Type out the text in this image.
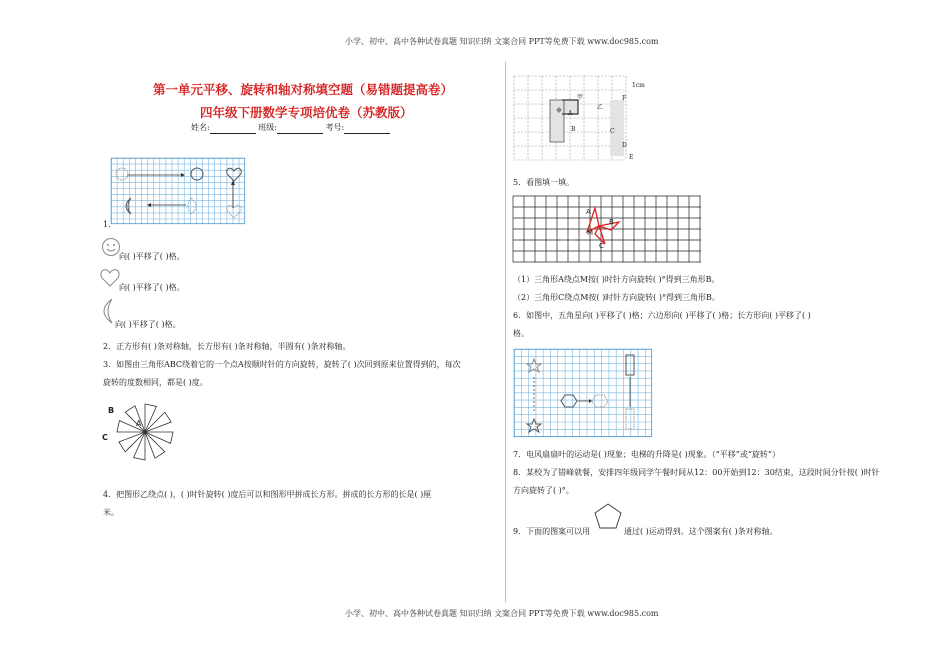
小学、初中、高中各种试卷真题 知识归纳 文案合同 PPT等免费下载 www.doc985.com
小学、初中、高中各种试卷真题 知识归纳 文案合同 PPT等免费下载 www.doc985.com
第一单元平移、旋转和轴对称填空题（易错题提高卷）
四年级下册数学专项培优卷（苏教版）
姓名:	班级:	考号:
1．
向( )平移了( )格。
向( )平移了( )格。
向( )平移了( )格。
2．正方形有( )条对称轴，长方形有( )条对称轴，半圆有( )条对称轴。
3．如图由三角形ABC绕着它的一个点A按顺时针的方向旋转，旋转了( )次回到原来位置得到的，每次
旋转的度数相同，都是( )度。
B
A
C
4．把图形乙绕点( )，( )时针旋转( )度后可以和图形甲拼成长方形。拼成的长方形的长是( )厘
米。
1cm
甲
A
乙
B	C
F
D
E
5．看图填一填。
A
B
M
C
（1）三角形A绕点M按( )时针方向旋转( )°得到三角形B。
（2）三角形C绕点M按( )时针方向旋转( )°得到三角形B。
6．如图中，五角星向( )平移了( )格；六边形向( )平移了( )格；长方形向( )平移了( )
格。
7．电风扇扇叶的运动是( )现象；电梯的升降是( )现象。（“平移”或“旋转”）
8．某校为了错峰就餐，安排四年级同学午餐时间从12：00开始到12：30结束，这段时间分针按( )时针
方向旋转了( )°。
9．下面的图案可以用	通过( )运动得到。这个图案有( )条对称轴。
